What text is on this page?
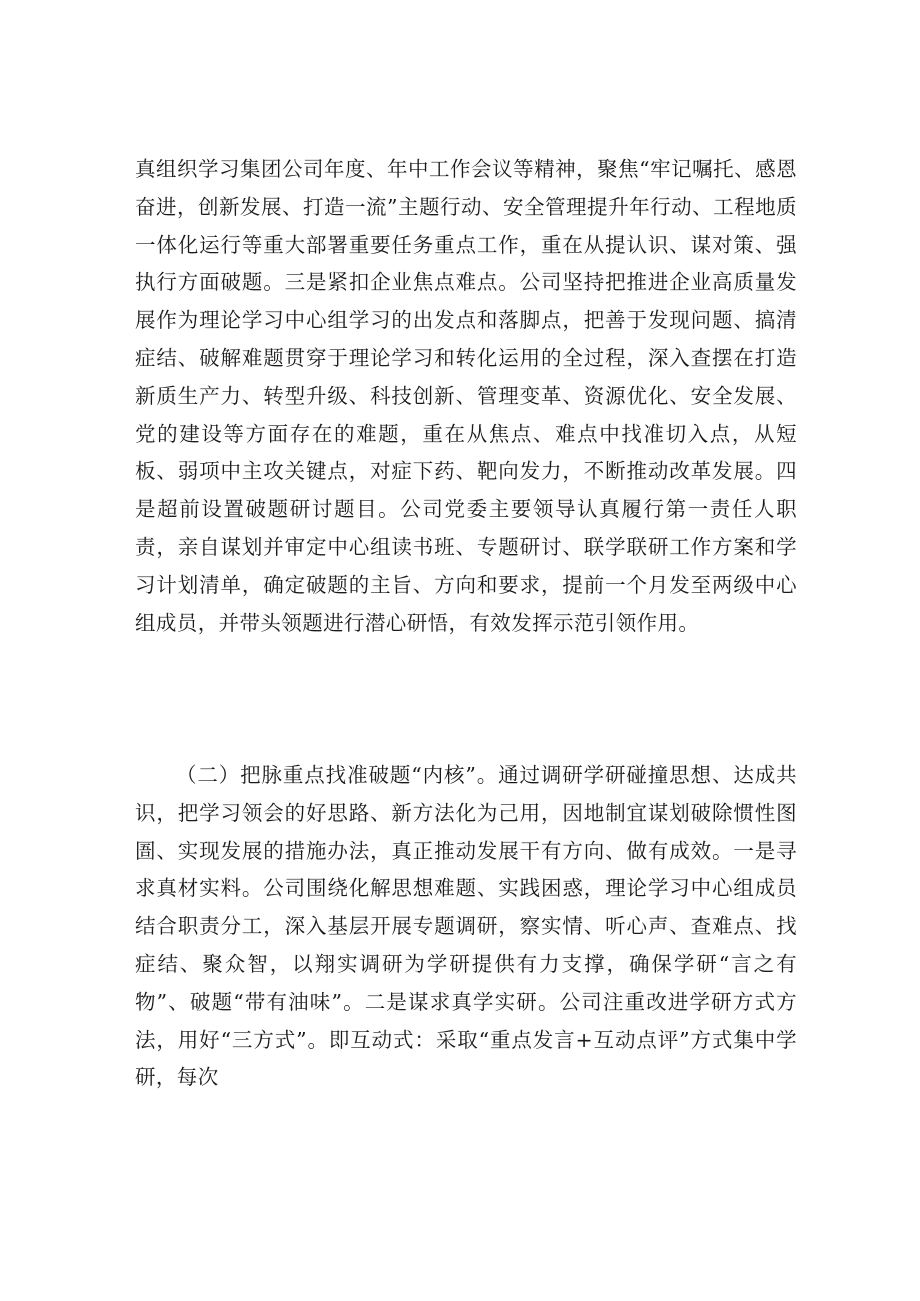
真组织学习集团公司年度、年中工作会议等精神，聚焦“牢记嘱托、感恩奋进，创新发展、打造一流”主题行动、安全管理提升年行动、工程地质一体化运行等重大部署重要任务重点工作，重在从提认识、谋对策、强执行方面破题。三是紧扣企业焦点难点。公司坚持把推进企业高质量发展作为理论学习中心组学习的出发点和落脚点，把善于发现问题、搞清症结、破解难题贯穿于理论学习和转化运用的全过程，深入查摆在打造新质生产力、转型升级、科技创新、管理变革、资源优化、安全发展、党的建设等方面存在的难题，重在从焦点、难点中找准切入点，从短板、弱项中主攻关键点，对症下药、靶向发力，不断推动改革发展。四是超前设置破题研讨题目。公司党委主要领导认真履行第一责任人职责，亲自谋划并审定中心组读书班、专题研讨、联学联研工作方案和学习计划清单，确定破题的主旨、方向和要求，提前一个月发至两级中心组成员，并带头领题进行潜心研悟，有效发挥示范引领作用。

（二）把脉重点找准破题“内核”。通过调研学研碰撞思想、达成共识，把学习领会的好思路、新方法化为己用，因地制宜谋划破除惯性图圄、实现发展的措施办法，真正推动发展干有方向、做有成效。一是寻求真材实料。公司围绕化解思想难题、实践困惑，理论学习中心组成员结合职责分工，深入基层开展专题调研，察实情、听心声、查难点、找症结、聚众智，以翔实调研为学研提供有力支撑，确保学研“言之有物”、破题“带有油味”。二是谋求真学实研。公司注重改进学研方式方法，用好“三方式”。即互动式：采取“重点发言+互动点评”方式集中学研，每次
